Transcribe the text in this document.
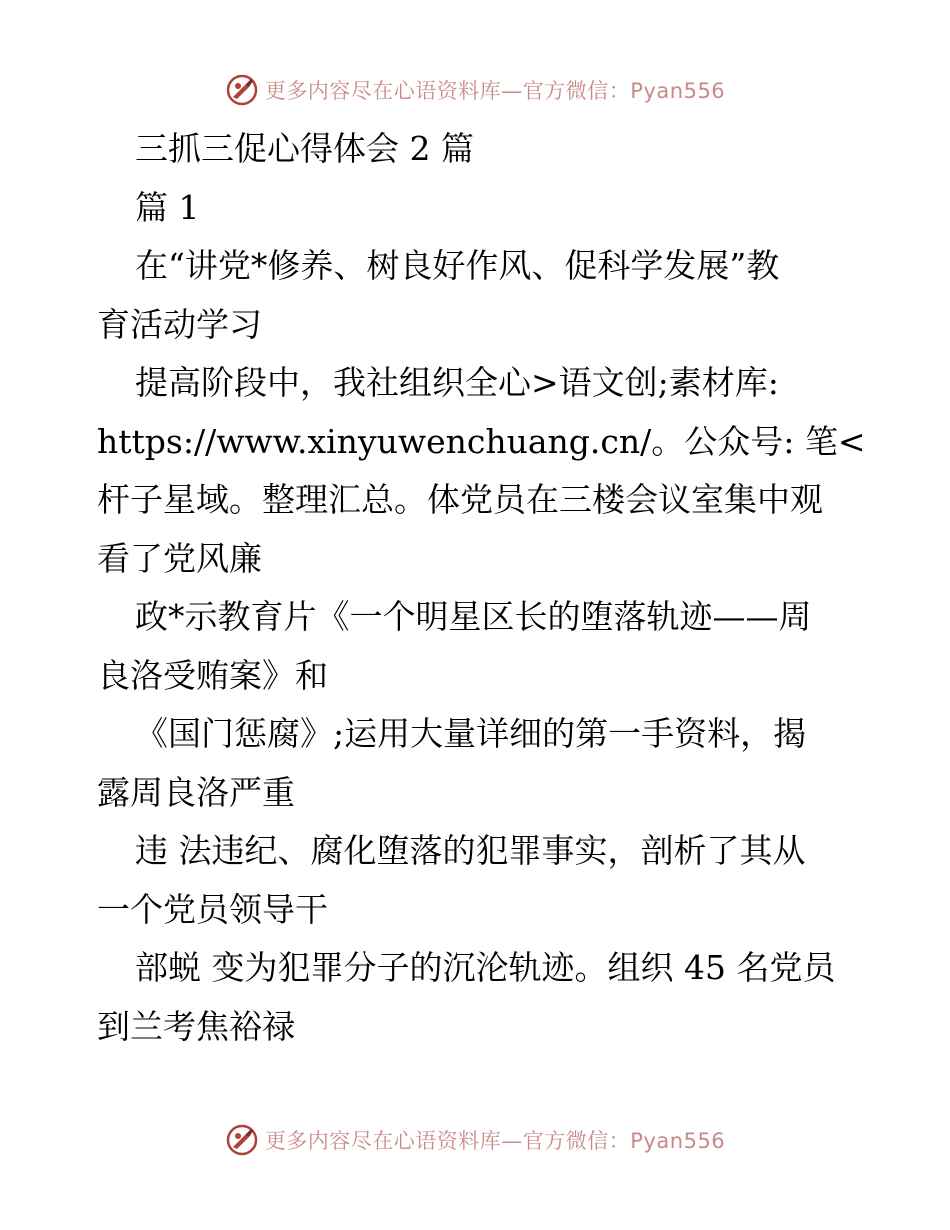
更多内容尽在心语资料库—官方微信：Pyan556

三抓三促心得体会 2 篇

篇 1

在“讲党*修养、树良好作风、促科学发展”教

育活动学习

提高阶段中，我社组织全心>语文创;素材库:

https://www.xinyuwenchuang.cn/。公众号: 笔<

杆子星域。整理汇总。体党员在三楼会议室集中观

看了党风廉

政*示教育片《一个明星区长的堕落轨迹——周

良洛受贿案》和

《国门惩腐》;运用大量详细的第一手资料，揭

露周良洛严重

违 法违纪、腐化堕落的犯罪事实，剖析了其从

一个党员领导干

部蜕 变为犯罪分子的沉沦轨迹。组织 45 名党员

到兰考焦裕禄

更多内容尽在心语资料库—官方微信：Pyan556
